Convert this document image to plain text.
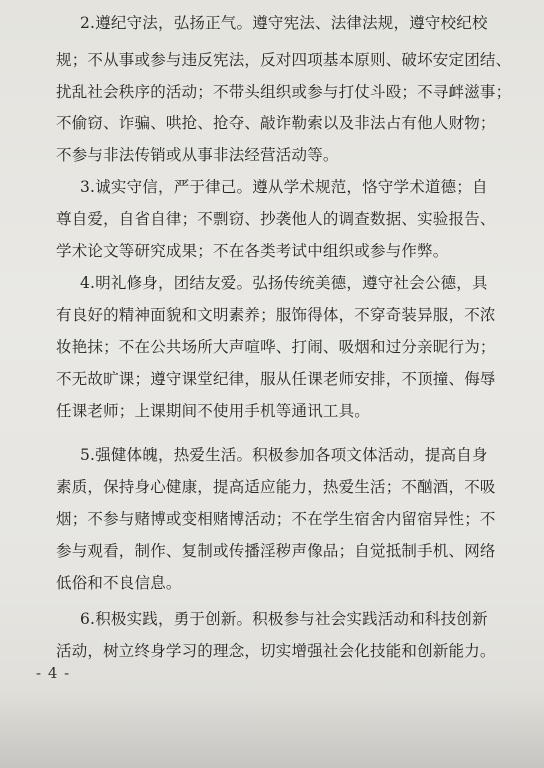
2.遵纪守法，弘扬正气。遵守宪法、法律法规，遵守校纪校
规；不从事或参与违反宪法，反对四项基本原则、破坏安定团结、
扰乱社会秩序的活动；不带头组织或参与打仗斗殴；不寻衅滋事；
不偷窃、诈骗、哄抢、抢夺、敲诈勒索以及非法占有他人财物；
不参与非法传销或从事非法经营活动等。
3.诚实守信，严于律己。遵从学术规范，恪守学术道德；自
尊自爱，自省自律；不剽窃、抄袭他人的调查数据、实验报告、
学术论文等研究成果；不在各类考试中组织或参与作弊。
4.明礼修身，团结友爱。弘扬传统美德，遵守社会公德，具
有良好的精神面貌和文明素养；服饰得体，不穿奇装异服，不浓
妆艳抹；不在公共场所大声喧哗、打闹、吸烟和过分亲昵行为；
不无故旷课；遵守课堂纪律，服从任课老师安排，不顶撞、侮辱
任课老师；上课期间不使用手机等通讯工具。
5.强健体魄，热爱生活。积极参加各项文体活动，提高自身
素质，保持身心健康，提高适应能力，热爱生活；不酗酒，不吸
烟；不参与赌博或变相赌博活动；不在学生宿舍内留宿异性；不
参与观看，制作、复制或传播淫秽声像品；自觉抵制手机、网络
低俗和不良信息。
6.积极实践，勇于创新。积极参与社会实践活动和科技创新
活动，树立终身学习的理念，切实增强社会化技能和创新能力。
- 4 -
